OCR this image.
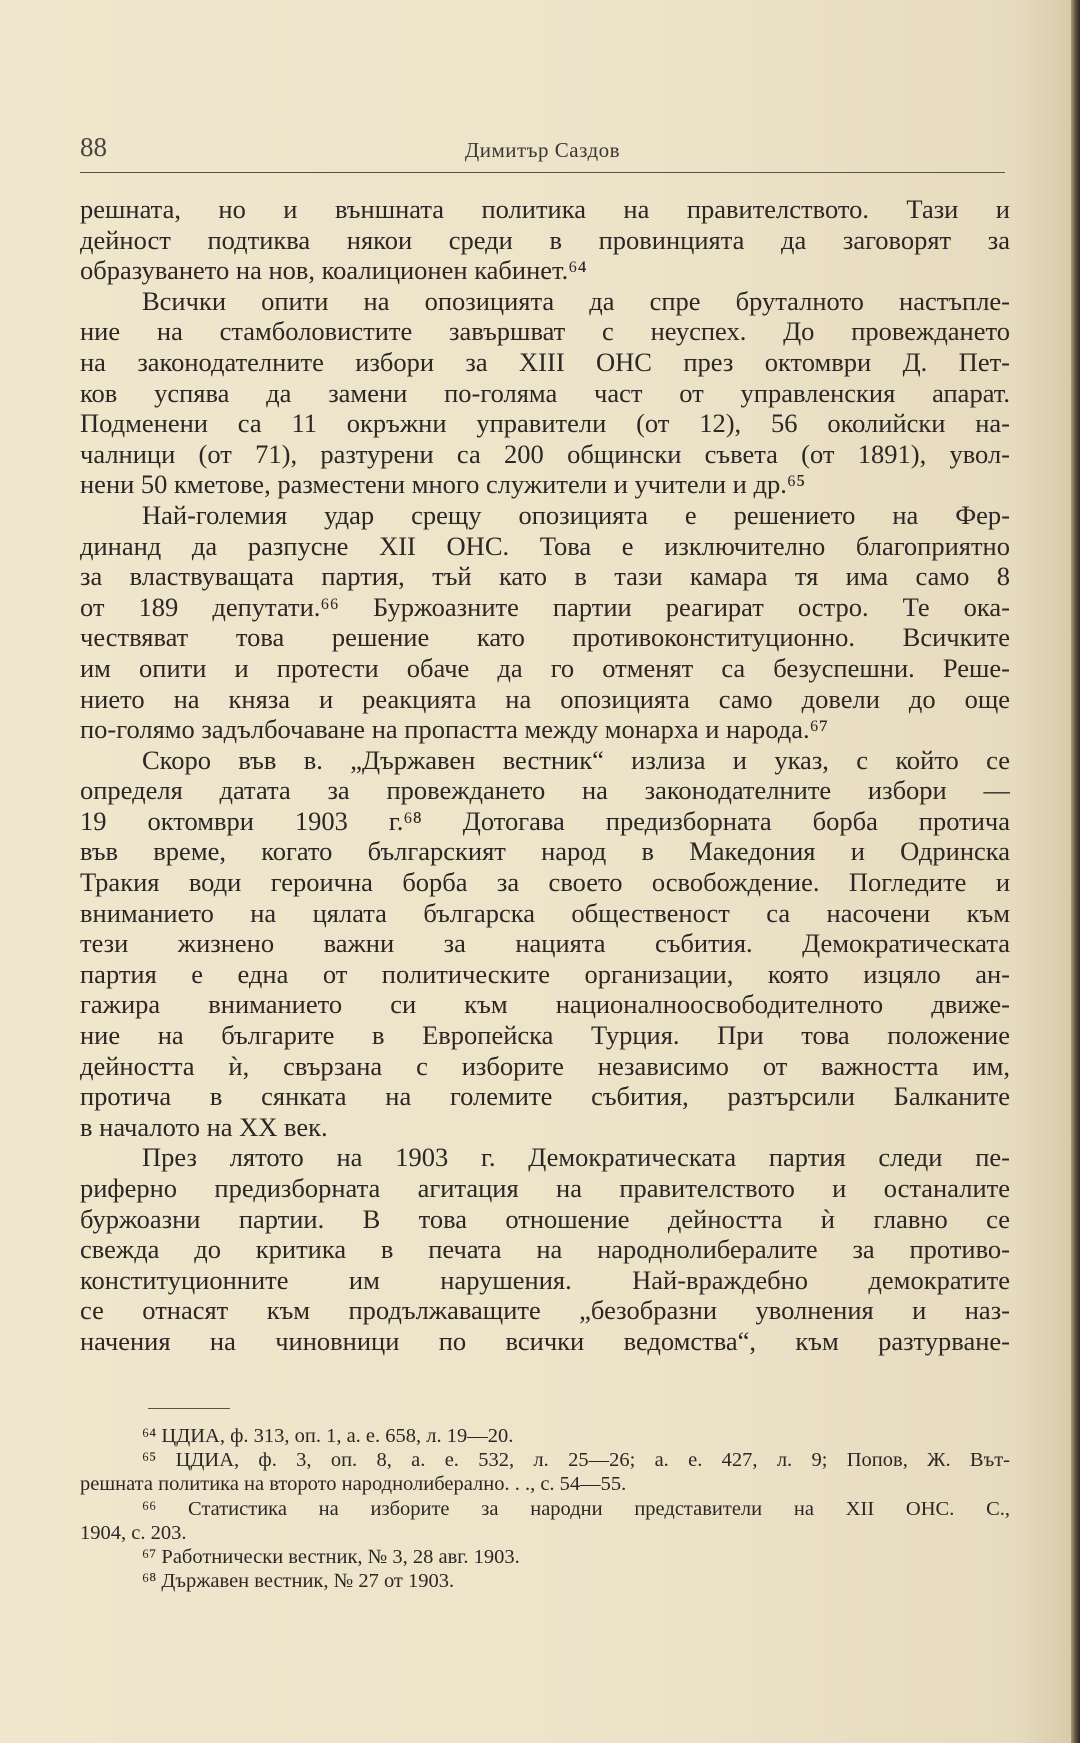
88	Димитър Саздов
решната, но и външната политика на правителството. Тази и
дейност подтиква някои среди в провинцията да заговорят за
образуването на нов, коалиционен кабинет.⁶⁴
Всички опити на опозицията да спре бруталното настъпле-
ние на стамболовистите завършват с неуспех. До провеждането
на законодателните избори за XIII ОНС през октомври Д. Пет-
ков успява да замени по-голяма част от управленския апарат.
Подменени са 11 окръжни управители (от 12), 56 околийски на-
чалници (от 71), разтурени са 200 общински съвета (от 1891), увол-
нени 50 кметове, разместени много служители и учители и др.⁶⁵
Най-големия удар срещу опозицията е решението на Фер-
динанд да разпусне XII ОНС. Това е изключително благоприятно
за властвуващата партия, тъй като в тази камара тя има само 8
от 189 депутати.⁶⁶ Буржоазните партии реагират остро. Те ока-
чествяват това решение като противоконституционно. Всичките
им опити и протести обаче да го отменят са безуспешни. Реше-
нието на княза и реакцията на опозицията само довели до още
по-голямо задълбочаване на пропастта между монарха и народа.⁶⁷
Скоро във в. „Държавен вестник“ излиза и указ, с който се
определя датата за провеждането на законодателните избори —
19 октомври 1903 г.⁶⁸ Дотогава предизборната борба протича
във време, когато българският народ в Македония и Одринска
Тракия води героична борба за своето освобождение. Погледите и
вниманието на цялата българска общественост са насочени към
тези жизнено важни за нацията събития. Демократическата
партия е една от политическите организации, която изцяло ан-
гажира вниманието си към националноосвободителното движе-
ние на българите в Европейска Турция. При това положение
дейността ѝ, свързана с изборите независимо от важността им,
протича в сянката на големите събития, разтърсили Балканите
в началото на XX век.
През лятото на 1903 г. Демократическата партия следи пе-
риферно предизборната агитация на правителството и останалите
буржоазни партии. В това отношение дейността ѝ главно се
свежда до критика в печата на народнолибералите за противо-
конституционните им нарушения. Най-враждебно демократите
се отнасят към продължаващите „безобразни уволнения и наз-
начения на чиновници по всички ведомства“, към разтурване-
⁶⁴ ЦДИА, ф. 313, оп. 1, а. е. 658, л. 19—20.
⁶⁵ ЦДИА, ф. 3, оп. 8, а. е. 532, л. 25—26; а. е. 427, л. 9; Попов, Ж. Вът-
решната политика на второто народнолиберално. . ., с. 54—55.
⁶⁶ Статистика на изборите за народни представители на XII ОНС. С.,
1904, с. 203.
⁶⁷ Работнически вестник, № 3, 28 авг. 1903.
⁶⁸ Държавен вестник, № 27 от 1903.
